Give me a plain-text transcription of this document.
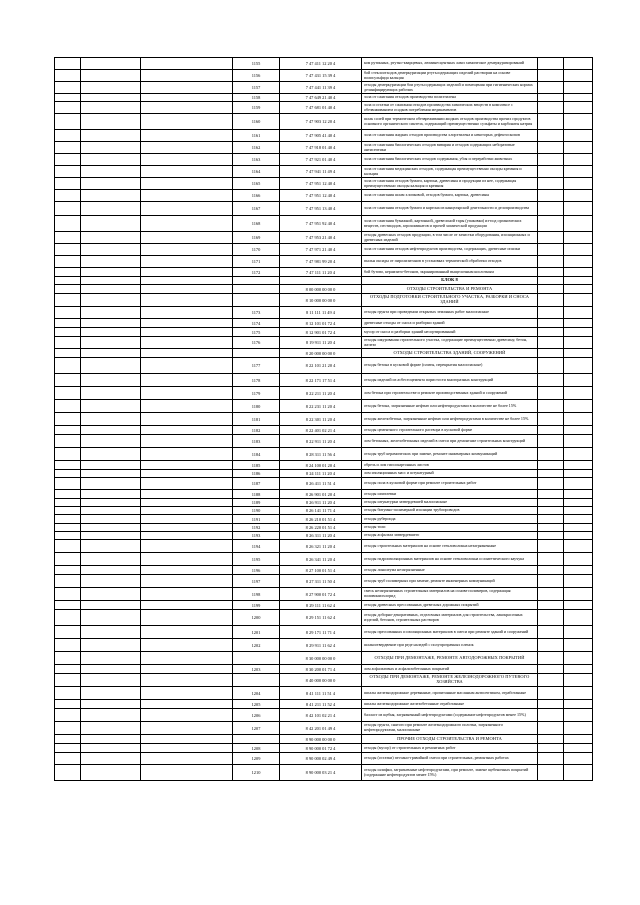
			1155	7 47 411 12 20 4	ком рутинных, ртутно-кварцевых, люминесцентных ламп химическое демеркуризирований		
			1156	7 47 431 15 39 4	бой стеклоотходов демеркуризации ртутьсодержащих изделий растворам на основе полисульфида кальция		
			1157	7 47 441 11 39 4	отходы демеркуризации бои ртутьсодержащих изделий и помещения при гигиенических нормах дезинфицирующих рабочих		
			1158	7 47 649 21 40 4	зола от сжигания отходов производства полиэтилена		
			1159	7 47 681 01 40 4	зола и остатки от сжигания отходов производства химических веществ в комплексе с обезвоживанием осадков потребления медикаментов		
			1160	7 47 903 12 20 4	шлак солей при термическом обезвреживании жидких отходов производства прочих продуктов основного органического синтеза, содержащий преимущественно сульфаты и карбонаты натрия		
			1161	7 47 905 41 40 4	зола от сжигания жидких отходов производства хлорэтилена и некоторых дефектоскопов		
			1162	7 47 918 01 40 4	зола от сжигания биологических отходов вивария и отходов содержащих неборатовые антисептики		
			1163	7 47 921 01 40 4	зола от сжигания биологических отходов содержания, убоя и переработки животных		
			1164	7 47 941 11 49 4	зола от сжигания медицинских отходов, содержащая преимущественно оксиды кремния и кальция		
			1165	7 47 951 12 40 4	зола от сжигания отходов бумаги, картона, древесины и продукции из нее, содержащая преимущественно оксиды кальция и кремния		
			1166	7 47 951 12 40 4	зола от сжигания шлам хлопковой, отходов бумаги, картона, древесины		
			1167	7 47 951 13 40 4	зола от сжигания отходов бумаги и картона из канцелярской деятельности и делопроизводства		
			1168	7 47 951 92 40 4	зола от сжигания бумажной, картонной, древесиной тары (упаковки) из-под органических веществ, пестицидов, агрохимикатов и прочей химической продукции		
			1169	7 47 953 21 40 4	отходы древесных отходов продукции, в том числе от зачистки оборудования, изоляционных и древесных изделий		
			1170	7 47 971 21 40 4	зола от сжигания отходов нефтепродуктов производства, содержащих, древесные опилки		
			1171	7 47 981 99 20 4	пыльн оксиды от пиролизитанов в установках термической обработки отходов		
			1172	7 47 111 11 20 4	бой бутово, керамзито-бетонов, экранированный выщелочным кислотным		
					БЛОК 8		
				8 00 000 00 00 0	ОТХОДЫ СТРОИТЕЛЬСТВА И РЕМОНТА		
				8 10 000 00 00 0	ОТХОДЫ ПОДГОТОВКИ СТРОИТЕЛЬНОГО УЧАСТКА, РАЗБОРКИ И СНОСА ЗДАНИЙ		
			1173	8 11 111 11 49 4	отходы грунта при проведении открытых земляных работ малоопасные		
			1174	8 12 101 01 72 4	древесные отходы от сноса и разборки зданий		
			1175	8 12 901 01 72 4	мусор от сноса и разборки зданий несортированный		
			1176	8 19 911 11 20 4	отходы шкурования строительного участка, содержащие преимущественно древесину, бетон, железо		
				8 20 000 00 00 0	ОТХОДЫ СТРОИТЕЛЬСТВА ЗДАНИЙ, СООРУЖЕНИЙ		
			1177	8 22 101 21 20 4	отходы бетона в кусковой форме (плиты, перекрытия малоопасные)		
			1178	8 22 171 17 51 4	отходы изделий из асбестоцемента пористости многоразных конструкций		
			1179	8 22 211 11 20 4	лом бетона при строительстве и ремонте производственных зданий и сооружений		
			1180	8 22 231 11 20 4	отходы бетона, загрязненные нефтью или нефтепродуктами в количестве не более 15%		
			1181	8 22 301 11 20 4	отходы железобетона, загрязненные нефтью или нефтепродуктами в количестве не более 15%		
			1182	8 22 401 02 21 4	отходы цементного строительного раствора в кусковой форме		
			1183	8 22 911 11 20 4	лом бетонных, железобетонных изделий в смеси при демонтаже строительных конструкций		
			1184	8 28 311 11 56 4	отходы труб керамических при замене, ремонте инженерных коммуникаций		
			1185	8 24 100 01 20 4	обрезь и лом гипсокартонных листов		
			1186	8 24 111 11 20 4	лом изоляционных масс и штукатурный		
			1187	8 26 411 11 51 4	отходы пола в кусковой форме при ремонте строительных работ		
			1188	8 26 901 01 20 4	отходы шпатлевки		
			1189	8 26 911 11 20 4	отходы штукатурки затвердевшей малоопасные		
			1190	8 26 141 11 71 4	отходы битумно-полимерной изоляции трубопроводов		
			1191	8 26 210 01 51 4	отходы рубероида		
			1192	8 26 220 01 51 4	отходы толи		
			1193	8 26 311 11 20 4	отходы асфальта затвердевшего		
			1194	8 26 321 11 20 4	отходы строительных материалов на основе стекловолокна незагрязненные		
			1195	8 26 341 11 20 4	отходы гидроизоляционных материалов на основе стекловолокна и синтетического каучука		
			1196	8 27 100 01 51 4	отходы линолеума незагрязненные		
			1197	8 27 311 11 50 4	отходы труб полимерных при замене, ремонте инженерных коммуникаций		
			1198	8 27 900 01 72 4	смесь незагрязненных строительных материалов на основе полимеров, содержащая поливинилхлорид		
			1199	8 29 111 11 62 4	отходы древесных прессованных древесных дорожных покрытий		
			1200	8 29 151 11 62 4	отходы доборно-декоративных, отделочных материалов для строительства, лакокрасочных изделий, бетонов, строительных растворов		
			1201	8 29 171 11 71 4	отходы прессованных и изоляционных материалов в смеси при ремонте зданий и сооружений		
			1202	8 29 911 11 62 4	шлакоотвердвение при реде наледей с полупрозрачных пленок		
				8 30 000 00 00 0	ОТХОДЫ ПРИ ДЕМОНТАЖЕ, РЕМОНТЕ АВТОДОРОЖНЫХ ПОКРЫТИЙ		
			1203	8 30 200 01 71 4	лом асфальтовых и асфальтобетонных покрытий		
				8 40 000 00 00 0	ОТХОДЫ ПРИ ДЕМОНТАЖЕ, РЕМОНТЕ ЖЕЛЕЗНОДОРОЖНОГО ПУТЕВОГО ХОЗЯЙСТВА		
			1204	8 41 111 11 51 4	шпалы железнодорожные деревянные, пропитанные масляным антисептиком, отработанные		
			1205	8 41 211 11 52 4	шпалы железнодорожные железобетонные отработанные		
			1206	8 42 101 02 21 4	балласт из щебня, загрязненный нефтепродуктами (содержание нефтепродуктов менее 15%)		
			1207	8 42 201 01 49 4	отходы грунта, снятого при ремонте железнодорожного полотна, загрязненного нефтепродуктами, малоопасные		
				8 90 000 00 00 0	ПРОЧИЕ ОТХОДЫ СТРОИТЕЛЬСТВА И РЕМОНТА		
			1208	8 90 000 01 72 4	отходы (мусор) от строительных и ремонтных работ		
			1209	8 90 000 02 49 4	отходы (остатки) песчано-гравийной смеси при строительных, ремонтных работах		
			1210	8 90 000 03 21 4	отходы шлифки, загрязненные нефтепродуктами, при ремонте, замене щебеночных покрытий (содержание нефтепродуктов менее 15%)		
